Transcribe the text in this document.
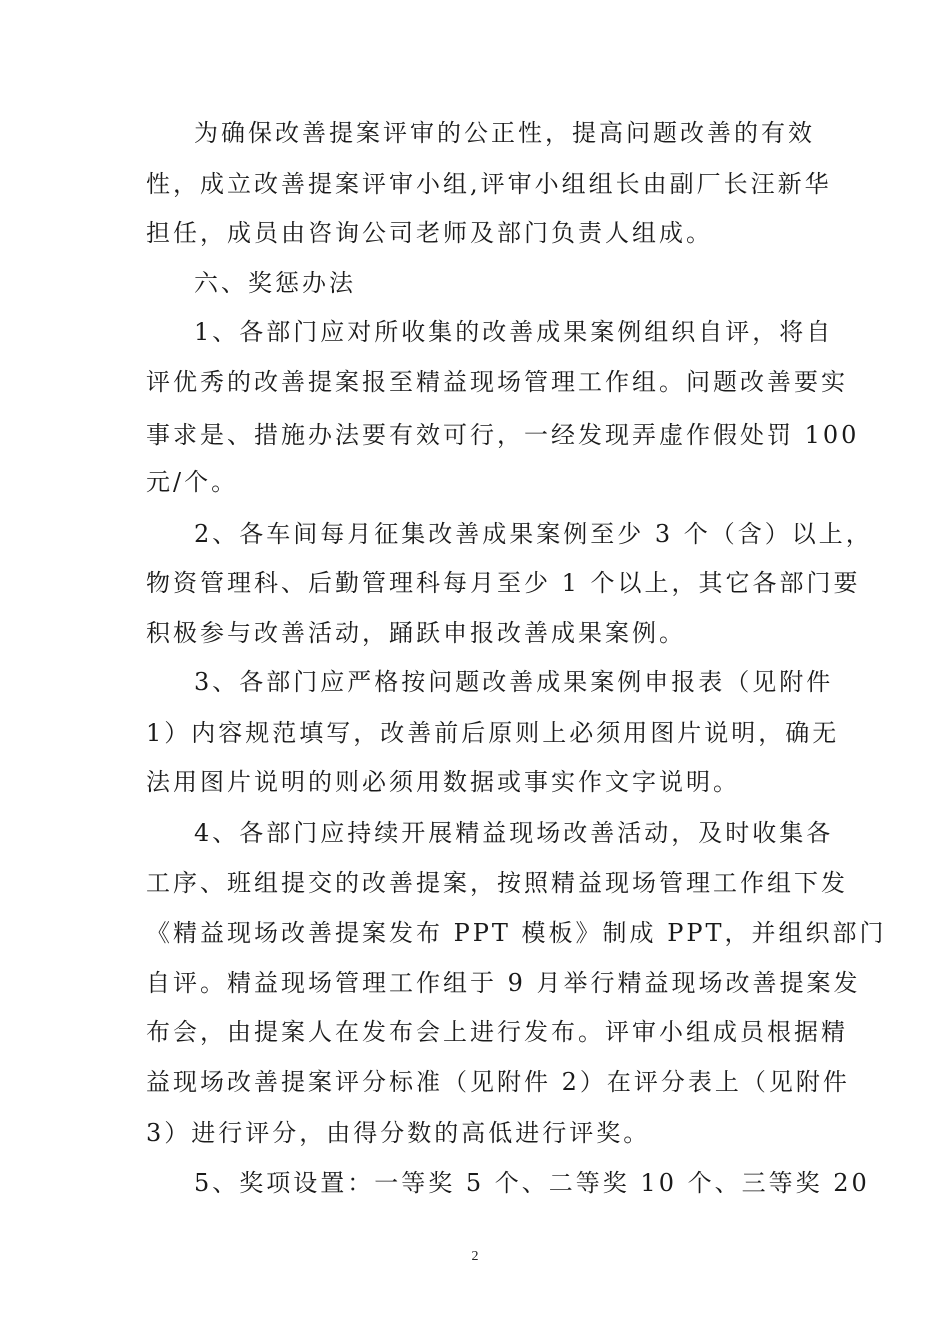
为确保改善提案评审的公正性，提高问题改善的有效
性，成立改善提案评审小组,评审小组组长由副厂长汪新华
担任，成员由咨询公司老师及部门负责人组成。
六、奖惩办法
1、各部门应对所收集的改善成果案例组织自评，将自
评优秀的改善提案报至精益现场管理工作组。问题改善要实
事求是、措施办法要有效可行，一经发现弄虚作假处罚 100
元/个。
2、各车间每月征集改善成果案例至少 3 个（含）以上，
物资管理科、后勤管理科每月至少 1 个以上，其它各部门要
积极参与改善活动，踊跃申报改善成果案例。
3、各部门应严格按问题改善成果案例申报表（见附件
1）内容规范填写，改善前后原则上必须用图片说明，确无
法用图片说明的则必须用数据或事实作文字说明。
4、各部门应持续开展精益现场改善活动，及时收集各
工序、班组提交的改善提案，按照精益现场管理工作组下发
《精益现场改善提案发布 PPT 模板》制成 PPT，并组织部门
自评。精益现场管理工作组于 9 月举行精益现场改善提案发
布会，由提案人在发布会上进行发布。评审小组成员根据精
益现场改善提案评分标准（见附件 2）在评分表上（见附件
3）进行评分，由得分数的高低进行评奖。
5、奖项设置：一等奖 5 个、二等奖 10 个、三等奖 20
2
